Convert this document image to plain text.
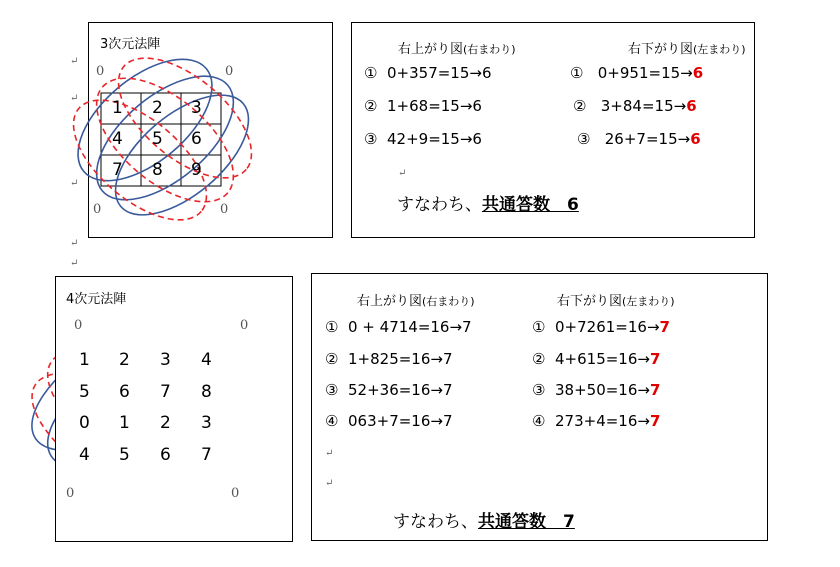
3次元法陣
1 2 3
4 5 6
7 8 9
0	0
0	0
右上がり図(右まわり)	右下がり図(左まわり)
① 0+357=15→6	① 0+951=15→6
② 1+68=15→6	② 3+84=15→6
③ 42+9=15→6	③ 26+7=15→6
すなわち、共通答数　6
4次元法陣
1 2 3 4
5 6 7 8
0 1 2 3
4 5 6 7
0	0
0	0
右上がり図(右まわり)	右下がり図(左まわり)
① 0 + 4714=16→7	① 0+7261=16→7
② 1+825=16→7	② 4+615=16→7
③ 52+36=16→7	③ 38+50=16→7
④ 063+7=16→7	④ 273+4=16→7
すなわち、共通答数　7
↵
↵
↵
↵
↵
↵
↵
↵
